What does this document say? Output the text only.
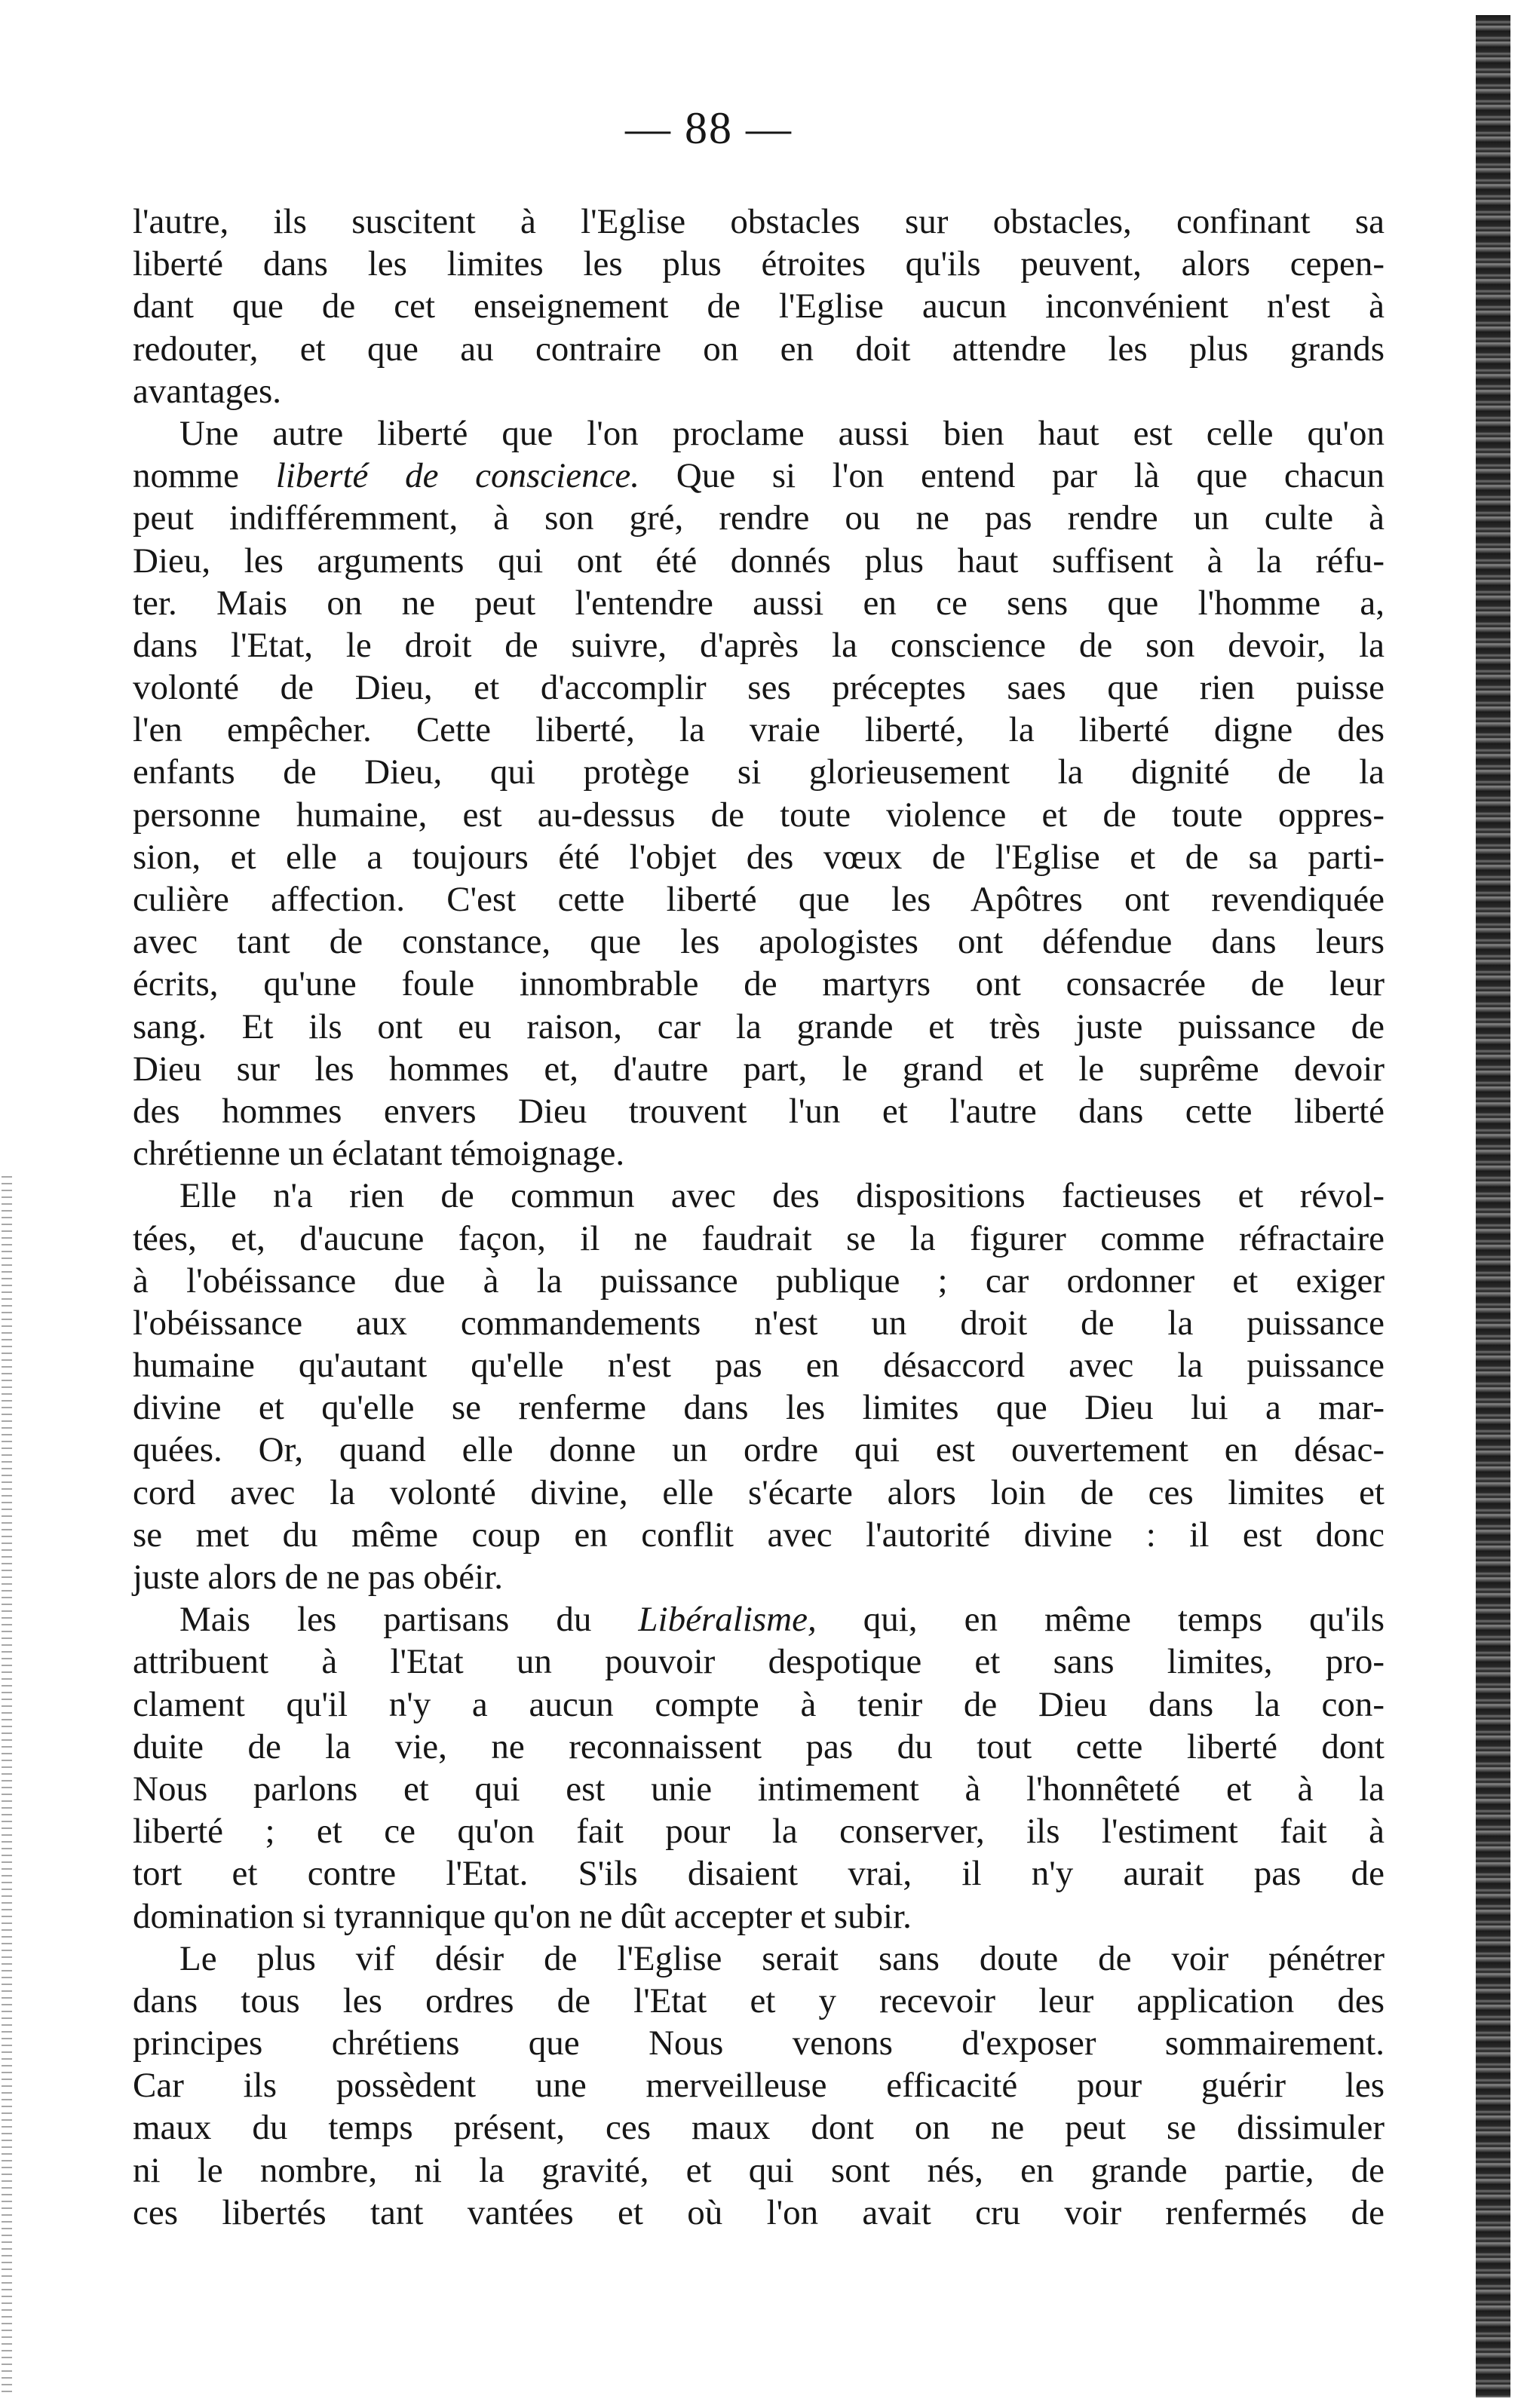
— 88 —
l'autre, ils suscitent à l'Eglise obstacles sur obstacles, confinant sa
liberté dans les limites les plus étroites qu'ils peuvent, alors cepen-
dant que de cet enseignement de l'Eglise aucun inconvénient n'est à
redouter, et que au contraire on en doit attendre les plus grands
avantages.
Une autre liberté que l'on proclame aussi bien haut est celle qu'on
nomme liberté de conscience. Que si l'on entend par là que chacun
peut indifféremment, à son gré, rendre ou ne pas rendre un culte à
Dieu, les arguments qui ont été donnés plus haut suffisent à la réfu-
ter. Mais on ne peut l'entendre aussi en ce sens que l'homme a,
dans l'Etat, le droit de suivre, d'après la conscience de son devoir, la
volonté de Dieu, et d'accomplir ses préceptes saes que rien puisse
l'en empêcher. Cette liberté, la vraie liberté, la liberté digne des
enfants de Dieu, qui protège si glorieusement la dignité de la
personne humaine, est au-dessus de toute violence et de toute oppres-
sion, et elle a toujours été l'objet des vœux de l'Eglise et de sa parti-
culière affection. C'est cette liberté que les Apôtres ont revendiquée
avec tant de constance, que les apologistes ont défendue dans leurs
écrits, qu'une foule innombrable de martyrs ont consacrée de leur
sang. Et ils ont eu raison, car la grande et très juste puissance de
Dieu sur les hommes et, d'autre part, le grand et le suprême devoir
des hommes envers Dieu trouvent l'un et l'autre dans cette liberté
chrétienne un éclatant témoignage.
Elle n'a rien de commun avec des dispositions factieuses et révol-
tées, et, d'aucune façon, il ne faudrait se la figurer comme réfractaire
à l'obéissance due à la puissance publique ; car ordonner et exiger
l'obéissance aux commandements n'est un droit de la puissance
humaine qu'autant qu'elle n'est pas en désaccord avec la puissance
divine et qu'elle se renferme dans les limites que Dieu lui a mar-
quées. Or, quand elle donne un ordre qui est ouvertement en désac-
cord avec la volonté divine, elle s'écarte alors loin de ces limites et
se met du même coup en conflit avec l'autorité divine : il est donc
juste alors de ne pas obéir.
Mais les partisans du Libéralisme, qui, en même temps qu'ils
attribuent à l'Etat un pouvoir despotique et sans limites, pro-
clament qu'il n'y a aucun compte à tenir de Dieu dans la con-
duite de la vie, ne reconnaissent pas du tout cette liberté dont
Nous parlons et qui est unie intimement à l'honnêteté et à la
liberté ; et ce qu'on fait pour la conserver, ils l'estiment fait à
tort et contre l'Etat. S'ils disaient vrai, il n'y aurait pas de
domination si tyrannique qu'on ne dût accepter et subir.
Le plus vif désir de l'Eglise serait sans doute de voir pénétrer
dans tous les ordres de l'Etat et y recevoir leur application des
principes chrétiens que Nous venons d'exposer sommairement.
Car ils possèdent une merveilleuse efficacité pour guérir les
maux du temps présent, ces maux dont on ne peut se dissimuler
ni le nombre, ni la gravité, et qui sont nés, en grande partie, de
ces libertés tant vantées et où l'on avait cru voir renfermés de
